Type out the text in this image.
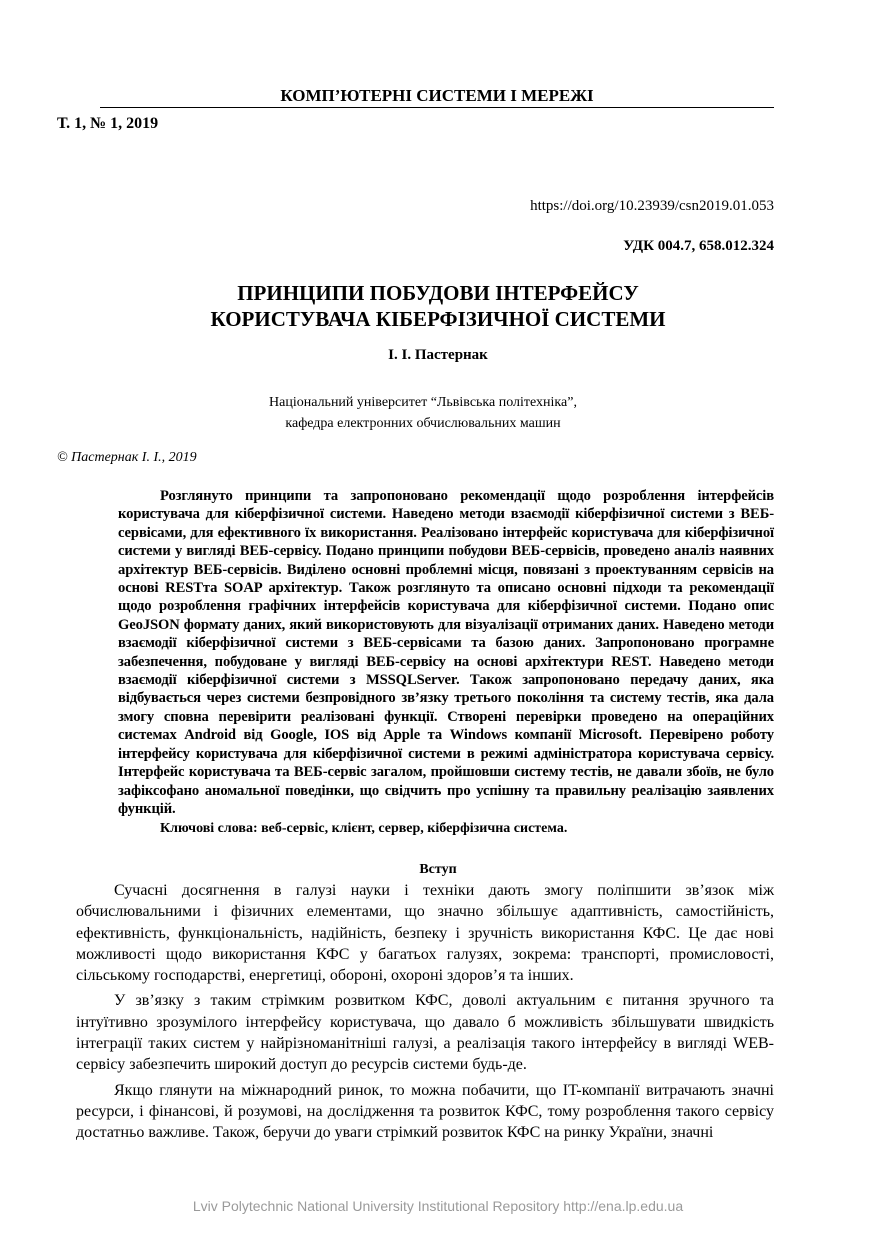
КОМП’ЮТЕРНІ СИСТЕМИ І МЕРЕЖІ
Т. 1, № 1, 2019
https://doi.org/10.23939/csn2019.01.053
УДК 004.7, 658.012.324
ПРИНЦИПИ ПОБУДОВИ ІНТЕРФЕЙСУ
КОРИСТУВАЧА КІБЕРФІЗИЧНОЇ СИСТЕМИ
І. І. Пастернак
Національний університет “Львівська політехніка”,
кафедра електронних обчислювальних машин
© Пастернак І. І., 2019
Розглянуто принципи та запропоновано рекомендації щодо розроблення інтерфейсів користувача для кіберфізичної системи. Наведено методи взаємодії кіберфізичної системи з ВЕБ-сервісами, для ефективного їх використання. Реалізовано інтерфейс користувача для кіберфізичної системи у вигляді ВЕБ-сервісу. Подано принципи побудови ВЕБ-сервісів, проведено аналіз наявних архітектур ВЕБ-сервісів. Виділено основні проблемні місця, повязані з проектуванням сервісів на основі RESTта SOAP архітектур. Також розглянуто та описано основні підходи та рекомендації щодо розроблення графічних інтерфейсів користувача для кіберфізичної системи. Подано опис GeoJSON формату даних, який використовують для візуалізації отриманих даних. Наведено методи взаємодії кіберфізичної системи з ВЕБ-сервісами та базою даних. Запропоновано програмне забезпечення, побудоване у вигляді ВЕБ-сервісу на основі архітектури REST. Наведено методи взаємодії кіберфізичної системи з MSSQLServer. Також запропоновано передачу даних, яка відбувається через системи безпровідного зв’язку третього покоління та систему тестів, яка дала змогу сповна перевірити реалізовані функції. Створені перевірки проведено на операційних системах Android від Google, IOS від Apple та Windows компанії Microsoft. Перевірено роботу інтерфейсу користувача для кіберфізичної системи в режимі адміністратора користувача сервісу. Інтерфейс користувача та ВЕБ-сервіс загалом, пройшовши систему тестів, не давали збоїв, не було зафіксофано аномальної поведінки, що свідчить про успішну та правильну реалізацію заявлених функцій.
Ключові слова: веб-сервіс, клієнт, сервер, кіберфізична система.
Вступ

Сучасні досягнення в галузі науки і техніки дають змогу поліпшити зв’язок між обчислювальними і фізичних елементами, що значно збільшує адаптивність, самостійність, ефективність, функціональність, надійність, безпеку і зручність використання КФС. Це дає нові можливості щодо використання КФС у багатьох галузях, зокрема: транспорті, промисловості, сільському господарстві, енергетиці, обороні, охороні здоров’я та інших.

У зв’язку з таким стрімким розвитком КФС, доволі актуальним є питання зручного та інтуїтивно зрозумілого інтерфейсу користувача, що давало б можливість збільшувати швидкість інтеграції таких систем у найрізноманітніші галузі, а реалізація такого інтерфейсу в вигляді WEB-сервісу забезпечить широкий доступ до ресурсів системи будь-де.

Якщо глянути на міжнародний ринок, то можна побачити, що IT-компанії витрачають значні ресурси, і фінансові, й розумові, на дослідження та розвиток КФС, тому розроблення такого сервісу достатньо важливе. Також, беручи до уваги стрімкий розвиток КФС на ринку України, значні

Lviv Polytechnic National University Institutional Repository http://ena.lp.edu.ua
